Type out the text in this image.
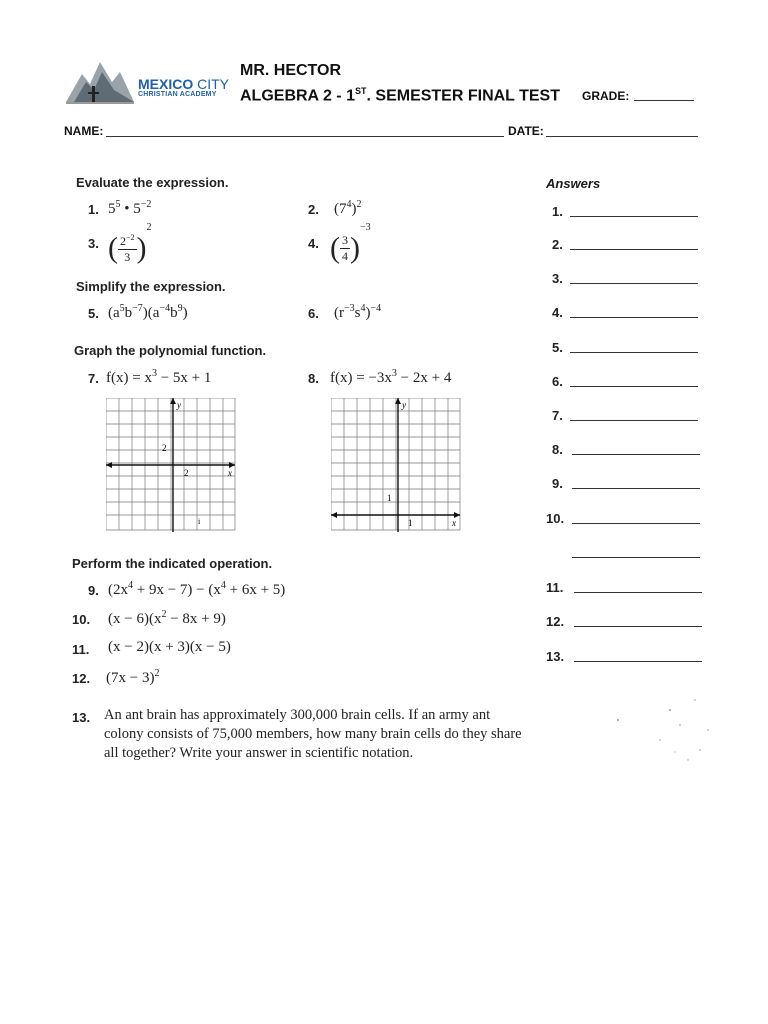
MEXICO CITY
CHRISTIAN ACADEMY
MR. HECTOR
ALGEBRA 2 - 1ST. SEMESTER FINAL TEST GRADE:
NAME:	DATE:
Evaluate the expression.
1. $5^5$ • $5^{-2}$	2. $(7^4)^2$
3. ( $\frac{2^{-2}}{3} )^2$
4. ( $\frac{3}{4} )^{-3}$
Simplify the expression.
5. $(a^5b^{-7})(a^{-4}b^9)$	6. $(r^{-3}s^4)^{-4}$
Graph the polynomial function.
7. $f(x) = x^3 - 5x + 1$	8. $f(x) = -3x^3 - 2x + 4$
y
x
2
2
i
y
x
1
1
Perform the indicated operation.
9. $(2x^4 + 9x - 7) - (x^4 + 6x + 5)$
10. $(x - 6)(x^2 - 8x + 9)$
11. (x − 2)(x + 3)(x − 5)
12. $(7x - 3)^2$
13. An ant brain has approximately 300,000 brain cells. If an army ant colony consists of 75,000 members, how many brain cells do they share all together? Write your answer in scientific notation.
Answers
1.
2.
3.
4.
5.
6.
7.
8.
9.
10.
11.
12.
13.
